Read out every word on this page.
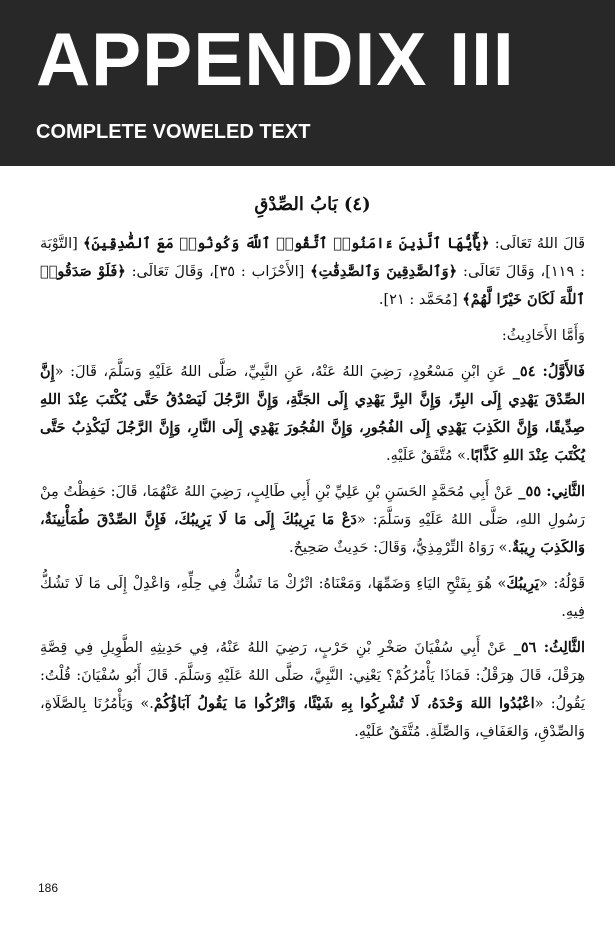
APPENDIX III
COMPLETE VOWELED TEXT
(٤) بَابُ الصِّدْقِ

قَالَ اللهُ تَعَالَى: ﴿يَٰٓأَيُّهَا ٱلَّذِينَ ءَامَنُوا۟ ٱتَّقُوا۟ ٱللَّهَ وَكُونُوا۟ مَعَ ٱلصَّٰدِقِينَ﴾ [التَّوْبَة : ١١٩]، وَقَالَ تَعَالَى: ﴿وَٱلصَّٰدِقِينَ وَٱلصَّٰدِقَٰتِ﴾ [الأَحْزَاب : ٣٥]، وَقَالَ تَعَالَى: ﴿فَلَوْ صَدَقُوا۟ ٱللَّهَ لَكَانَ خَيْرًا لَّهُمْ﴾ [مُحَمَّد : ٢١].

وَأَمَّا الأَحَادِيثُ:

فَالأَوَّلُ: ٥٤_ عَنِ ابْنِ مَسْعُودٍ، رَضِيَ اللهُ عَنْهُ، عَنِ النَّبِيِّ، صَلَّى اللهُ عَلَيْهِ وَسَلَّمَ، قَالَ: «إِنَّ الصِّدْقَ يَهْدِي إِلَى البِرِّ، وَإِنَّ البِرَّ يَهْدِي إِلَى الجَنَّةِ، وَإِنَّ الرَّجُلَ لَيَصْدُقُ حَتَّى يُكْتَبَ عِنْدَ اللهِ صِدِّيقًا، وَإِنَّ الكَذِبَ يَهْدِي إِلَى الفُجُورِ، وَإِنَّ الفُجُورَ يَهْدِي إِلَى النَّارِ، وَإِنَّ الرَّجُلَ لَيَكْذِبُ حَتَّى يُكْتَبَ عِنْدَ اللهِ كَذَّابًا.» مُتَّفَقٌ عَلَيْهِ.

الثَّانِي: ٥٥_ عَنْ أَبِي مُحَمَّدٍ الحَسَنِ بْنِ عَلِيِّ بْنِ أَبِي طَالِبٍ، رَضِيَ اللهُ عَنْهُمَا، قَالَ: حَفِظْتُ مِنْ رَسُولِ اللهِ، صَلَّى اللهُ عَلَيْهِ وَسَلَّمَ: «دَعْ مَا يَرِيبُكَ إِلَى مَا لَا يَرِيبُكَ، فَإِنَّ الصِّدْقَ طُمَأْنِينَةٌ، وَالكَذِبَ رِيبَةٌ.» رَوَاهُ التِّرْمِذِيُّ، وَقَالَ: حَدِيثٌ صَحِيحٌ.

قَوْلُهُ: «يَرِيبُكَ» هُوَ بِفَتْحِ اليَاءِ وَضَمِّهَا، وَمَعْنَاهُ: اتْرُكْ مَا تَشُكُّ فِي حِلِّهِ، وَاعْدِلْ إِلَى مَا لَا تَشُكُّ فِيهِ.

الثَّالِثُ: ٥٦_ عَنْ أَبِي سُفْيَانَ صَخْرِ بْنِ حَرْبٍ، رَضِيَ اللهُ عَنْهُ، فِي حَدِيثِهِ الطَّوِيلِ فِي قِصَّةِ هِرَقْلَ، قَالَ هِرَقْلُ: فَمَاذَا يَأْمُرُكُمْ؟ يَعْنِي: النَّبِيَّ، صَلَّى اللهُ عَلَيْهِ وَسَلَّمَ. قَالَ أَبُو سُفْيَانَ: قُلْتُ: يَقُولُ: «اعْبُدُوا اللهَ وَحْدَهُ، لَا تُشْرِكُوا بِهِ شَيْئًا، وَاتْرُكُوا مَا يَقُولُ آبَاؤُكُمْ.» وَيَأْمُرُنَا بِالصَّلَاةِ، وَالصِّدْقِ، وَالعَفَافِ، وَالصِّلَةِ. مُتَّفَقٌ عَلَيْهِ.

186
